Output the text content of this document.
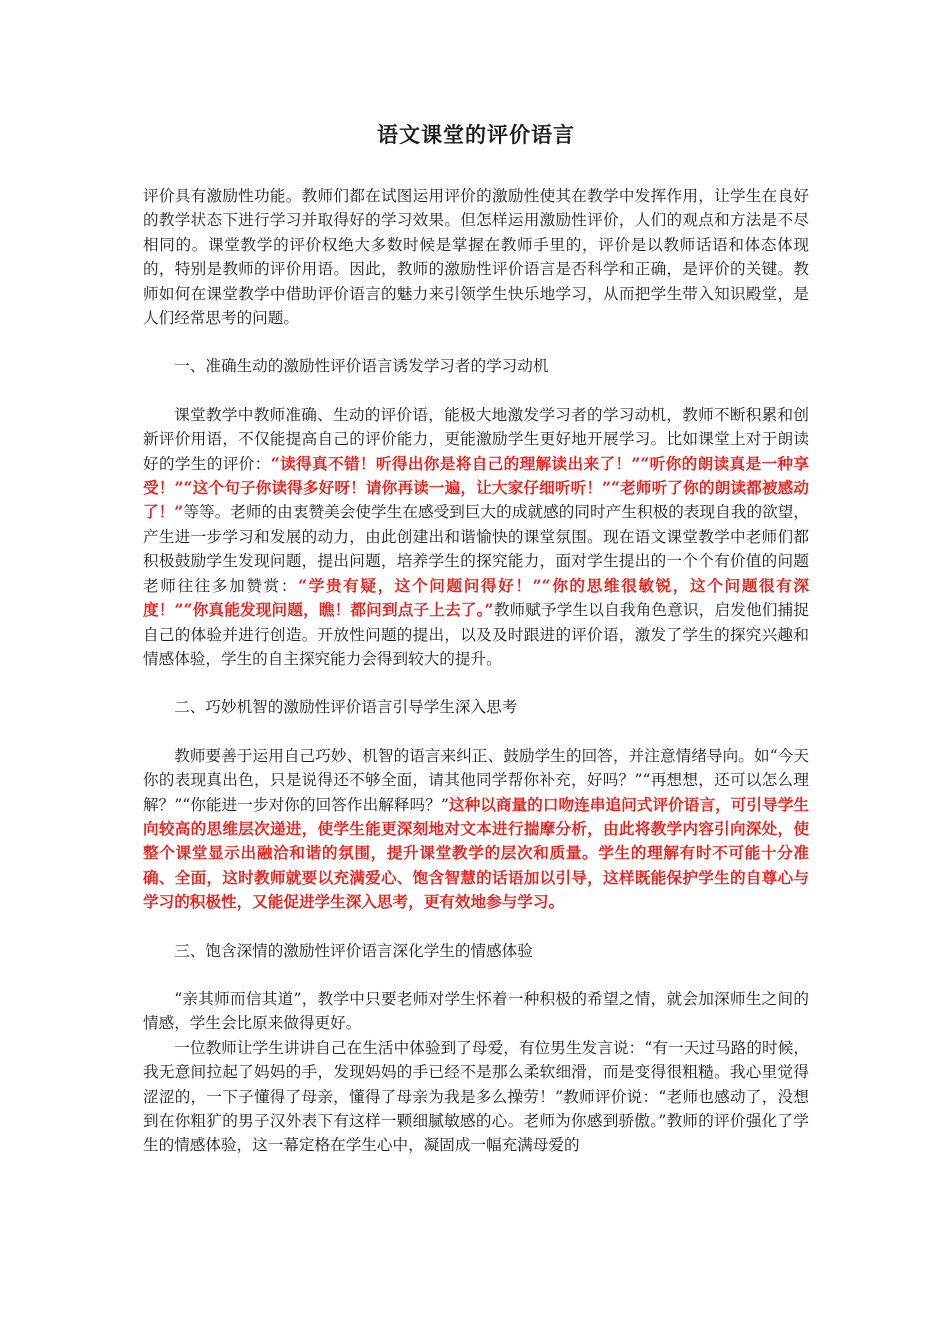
语文课堂的评价语言

评价具有激励性功能。教师们都在试图运用评价的激励性使其在教学中发挥作用，让学生在良好的教学状态下进行学习并取得好的学习效果。但怎样运用激励性评价，人们的观点和方法是不尽相同的。课堂教学的评价权绝大多数时候是掌握在教师手里的，评价是以教师话语和体态体现的，特别是教师的评价用语。因此，教师的激励性评价语言是否科学和正确，是评价的关键。教师如何在课堂教学中借助评价语言的魅力来引领学生快乐地学习，从而把学生带入知识殿堂，是人们经常思考的问题。

一、准确生动的激励性评价语言诱发学习者的学习动机

课堂教学中教师准确、生动的评价语，能极大地激发学习者的学习动机，教师不断积累和创新评价用语，不仅能提高自己的评价能力，更能激励学生更好地开展学习。比如课堂上对于朗读好的学生的评价：“读得真不错！听得出你是将自己的理解读出来了！”“听你的朗读真是一种享受！”“这个句子你读得多好呀！请你再读一遍，让大家仔细听听！”“老师听了你的朗读都被感动了！”等等。老师的由衷赞美会使学生在感受到巨大的成就感的同时产生积极的表现自我的欲望，产生进一步学习和发展的动力，由此创建出和谐愉快的课堂氛围。现在语文课堂教学中老师们都积极鼓励学生发现问题，提出问题，培养学生的探究能力，面对学生提出的一个个有价值的问题老师往往多加赞赏：“学贵有疑，这个问题问得好！”“你的思维很敏锐，这个问题很有深度！”“你真能发现问题，瞧！都问到点子上去了。”教师赋予学生以自我角色意识，启发他们捕捉自己的体验并进行创造。开放性问题的提出，以及及时跟进的评价语，激发了学生的探究兴趣和情感体验，学生的自主探究能力会得到较大的提升。

二、巧妙机智的激励性评价语言引导学生深入思考

教师要善于运用自己巧妙、机智的语言来纠正、鼓励学生的回答，并注意情绪导向。如“今天你的表现真出色，只是说得还不够全面，请其他同学帮你补充，好吗？”“再想想，还可以怎么理解？”“你能进一步对你的回答作出解释吗？”这种以商量的口吻连串追问式评价语言，可引导学生向较高的思维层次递进，使学生能更深刻地对文本进行揣摩分析，由此将教学内容引向深处，使整个课堂显示出融洽和谐的氛围，提升课堂教学的层次和质量。学生的理解有时不可能十分准确、全面，这时教师就要以充满爱心、饱含智慧的话语加以引导，这样既能保护学生的自尊心与学习的积极性，又能促进学生深入思考，更有效地参与学习。

三、饱含深情的激励性评价语言深化学生的情感体验

“亲其师而信其道”，教学中只要老师对学生怀着一种积极的希望之情，就会加深师生之间的情感，学生会比原来做得更好。

一位教师让学生讲讲自己在生活中体验到了母爱，有位男生发言说：“有一天过马路的时候，我无意间拉起了妈妈的手，发现妈妈的手已经不是那么柔软细滑，而是变得很粗糙。我心里觉得涩涩的，一下子懂得了母亲，懂得了母亲为我是多么操劳！”教师评价说：“老师也感动了，没想到在你粗犷的男子汉外表下有这样一颗细腻敏感的心。老师为你感到骄傲。”教师的评价强化了学生的情感体验，这一幕定格在学生心中，凝固成一幅充满母爱的
